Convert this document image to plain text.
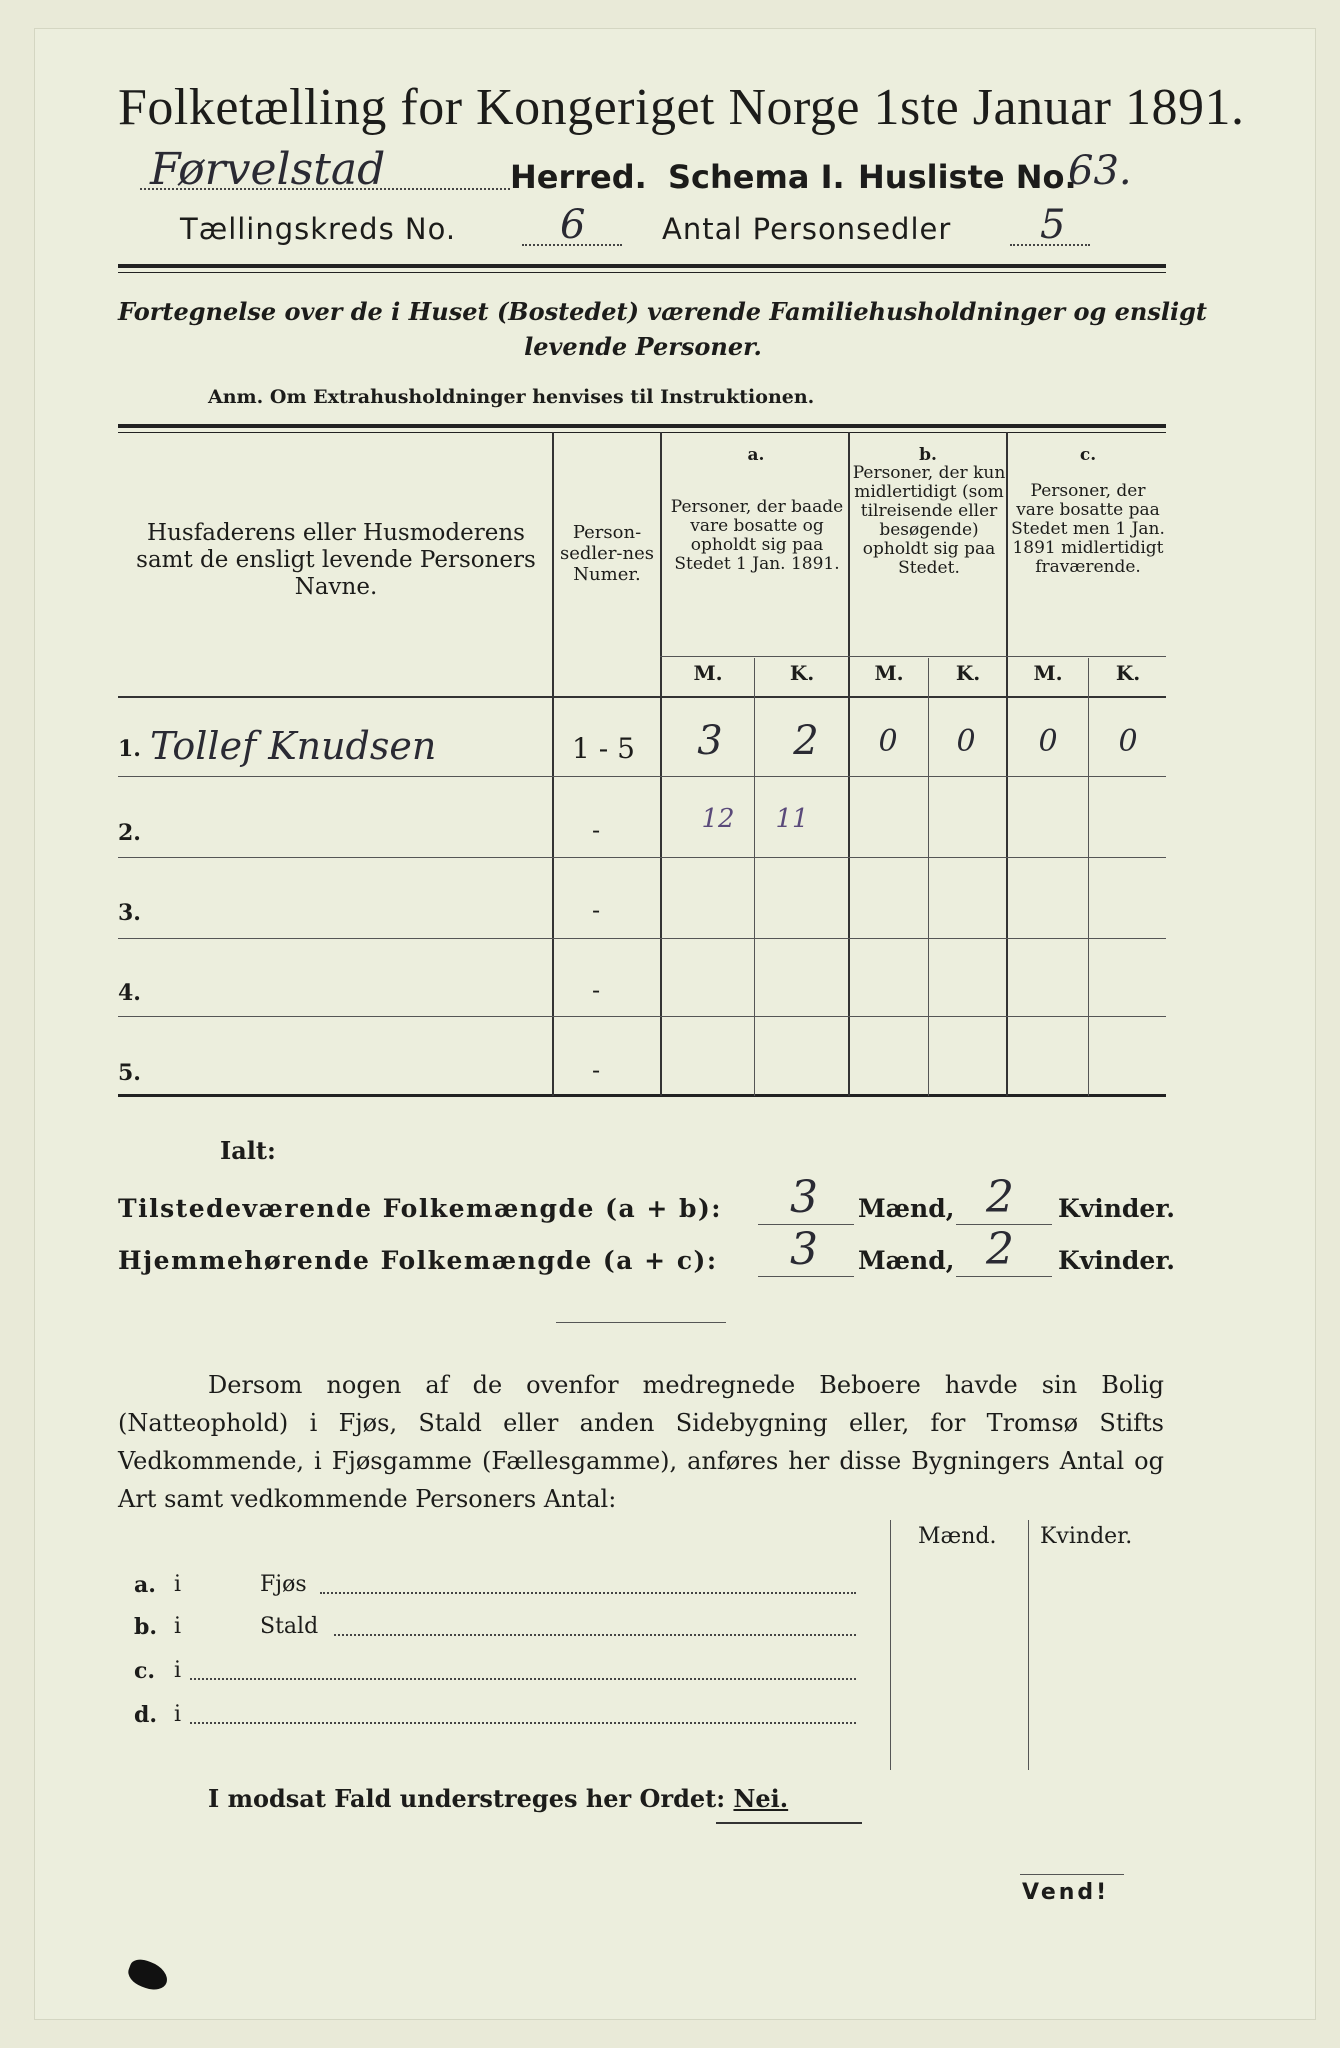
Folketælling for Kongeriget Norge 1ste Januar 1891.
Førvelstad	Herred. Schema I. Husliste No.
63.
Tællingskreds No.	6	Antal Personsedler 5
Fortegnelse over de i Huset (Bostedet) værende Familiehusholdninger og ensligt
levende Personer.
Anm. Om Extrahusholdninger henvises til Instruktionen.
Husfaderens eller Husmoderens samt de ensligt levende Personers Navne.
Person-sedler-nes Numer.
a.
Personer, der baade vare bosatte og opholdt sig paa Stedet 1 Jan. 1891.
b.
Personer, der kun midlertidigt (som tilreisende eller besøgende) opholdt sig paa Stedet.
c.
Personer, der vare bosatte paa Stedet men 1 Jan. 1891 midlertidigt fraværende.
M.	K.	M.	K.	M.	K.
1. Tollef Knudsen	1 - 5	3	2	0	0	0	0
2.	-	12	11
3.	-
4.	-
5.	-
Ialt:
Tilstedeværende Folkemængde (a + b): 3 Mænd, 2 Kvinder.
Hjemmehørende Folkemængde (a + c): 3 Mænd, 2 Kvinder.
Dersom nogen af de ovenfor medregnede Beboere havde sin Bolig (Natteophold) i Fjøs, Stald eller anden Sidebygning eller, for Tromsø Stifts Vedkommende, i Fjøsgamme (Fællesgamme), anføres her disse Bygningers Antal og Art samt vedkommende Personers Antal:
Mænd. Kvinder.
a. i	Fjøs
b. i	Stald
c. i
d. i
I modsat Fald understreges her Ordet: Nei.
Vend!
